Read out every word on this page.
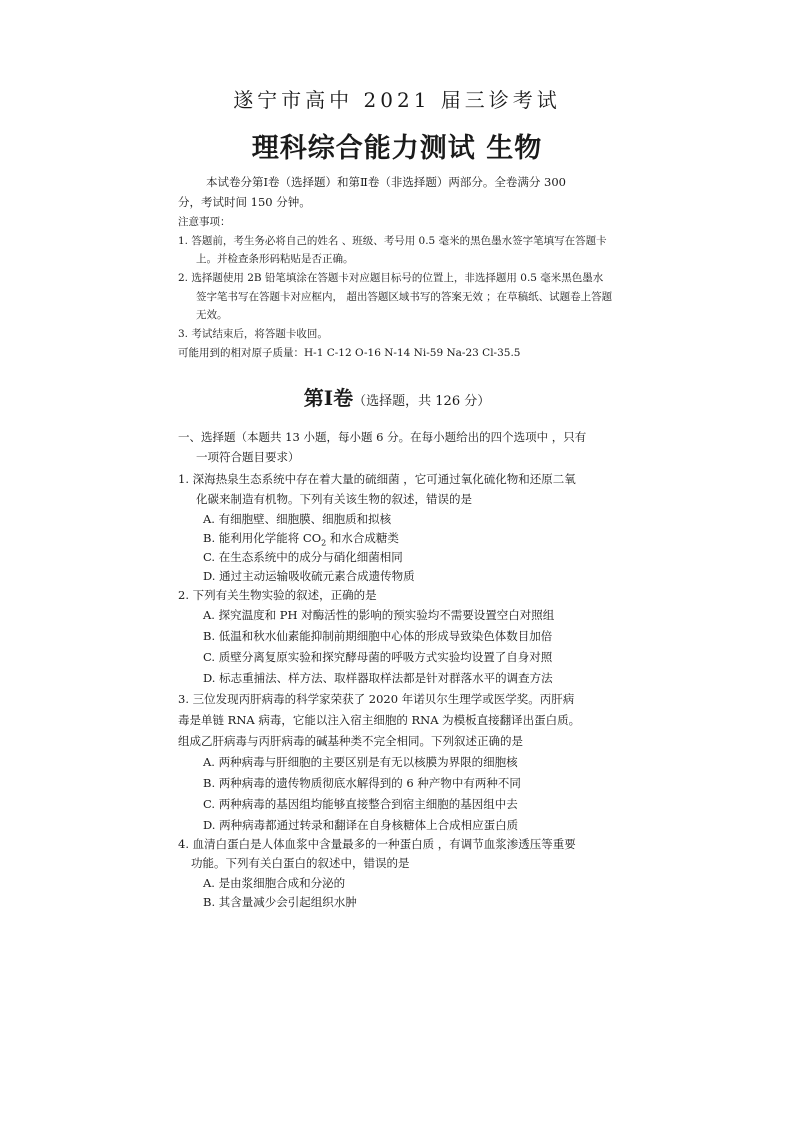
遂宁市高中 2021 届三诊考试
理科综合能力测试 生物
本试卷分第Ⅰ卷（选择题）和第Ⅱ卷（非选择题）两部分。全卷满分 300
分，考试时间 150 分钟。
注意事项：
1. 答题前，考生务必将自己的姓名 、班级、考号用 0.5 毫米的黑色墨水签字笔填写在答题卡
上。并检查条形码粘贴是否正确。
2. 选择题使用 2B 铅笔填涂在答题卡对应题目标号的位置上，非选择题用 0.5 毫米黑色墨水
签字笔书写在答题卡对应框内， 超出答题区域书写的答案无效 ；在草稿纸、试题卷上答题
无效。
3. 考试结束后，将答题卡收回。
可能用到的相对原子质量：H-1 C-12 O-16 N-14 Ni-59 Na-23 Cl-35.5
第Ⅰ卷（选择题，共 126 分）
一、选择题（本题共 13 小题，每小题 6 分。在每小题给出的四个选项中 ，只有
一项符合题目要求）
1. 深海热泉生态系统中存在着大量的硫细菌 ，它可通过氧化硫化物和还原二氧
化碳来制造有机物。下列有关该生物的叙述，错误的是
A. 有细胞壁、细胞膜、细胞质和拟核
B. 能利用化学能将 $CO_2$ 和水合成糖类
C. 在生态系统中的成分与硝化细菌相同
D. 通过主动运输吸收硫元素合成遗传物质
2. 下列有关生物实验的叙述，正确的是
A. 探究温度和 PH 对酶活性的影响的预实验均不需要设置空白对照组
B. 低温和秋水仙素能抑制前期细胞中心体的形成导致染色体数目加倍
C. 质壁分离复原实验和探究酵母菌的呼吸方式实验均设置了自身对照
D. 标志重捕法、样方法、取样器取样法都是针对群落水平的调查方法
3. 三位发现丙肝病毒的科学家荣获了 2020 年诺贝尔生理学或医学奖。丙肝病
毒是单链 RNA 病毒，它能以注入宿主细胞的 RNA 为模板直接翻译出蛋白质。
组成乙肝病毒与丙肝病毒的碱基种类不完全相同。下列叙述正确的是
A. 两种病毒与肝细胞的主要区别是有无以核膜为界限的细胞核
B. 两种病毒的遗传物质彻底水解得到的 6 种产物中有两种不同
C. 两种病毒的基因组均能够直接整合到宿主细胞的基因组中去
D. 两种病毒都通过转录和翻译在自身核糖体上合成相应蛋白质
4. 血清白蛋白是人体血浆中含量最多的一种蛋白质 ，有调节血浆渗透压等重要
功能。下列有关白蛋白的叙述中，错误的是
A. 是由浆细胞合成和分泌的
B. 其含量减少会引起组织水肿
